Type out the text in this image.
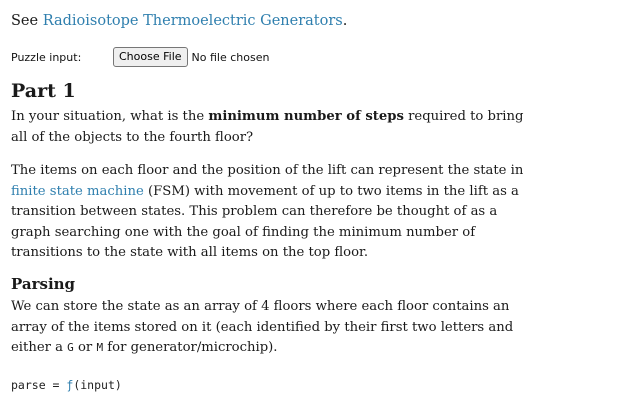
See Radioisotope Thermoelectric Generators.
Puzzle input:	Choose File No file chosen
Part 1
In your situation, what is the minimum number of steps required to bring all of the objects to the fourth floor?
The items on each floor and the position of the lift can represent the state in finite state machine (FSM) with movement of up to two items in the lift as a transition between states. This problem can therefore be thought of as a graph searching one with the goal of finding the minimum number of transitions to the state with all items on the top floor.
Parsing
We can store the state as an array of 4 floors where each floor contains an array of the items stored on it (each identified by their first two letters and either a G or M for generator/microchip).
parse = ƒ(input)
